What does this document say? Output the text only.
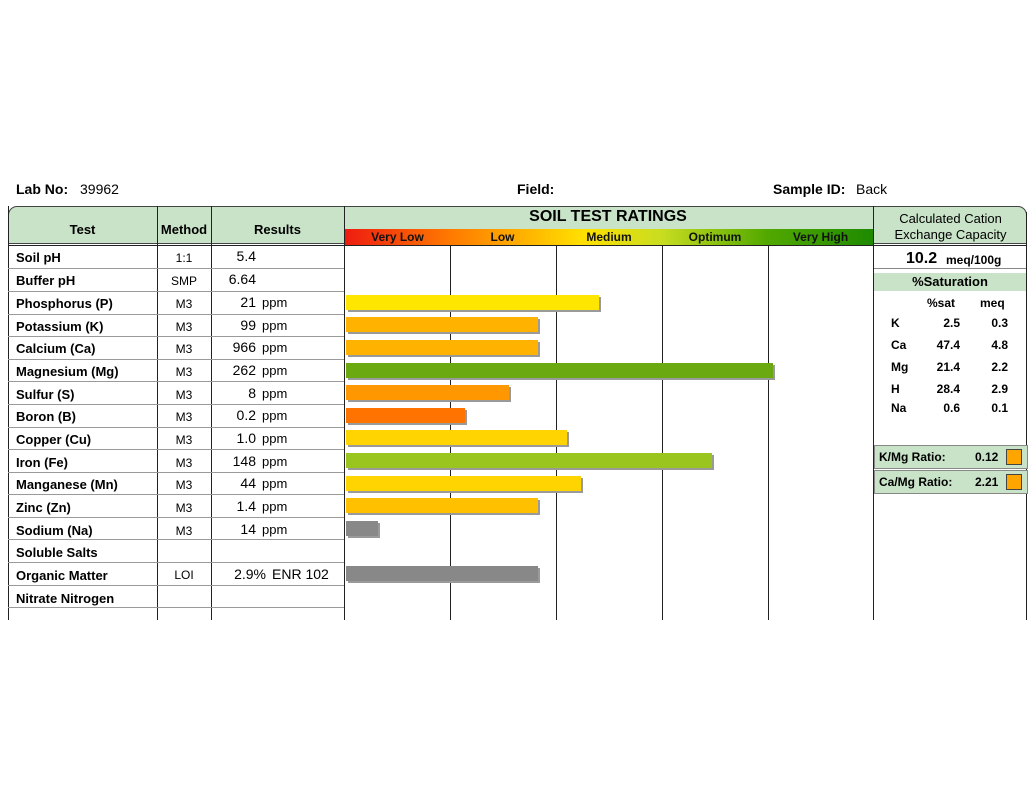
Lab No: 39962	Field:	Sample ID: Back
Test	Method	Results
SOIL TEST RATINGS	Calculated Cation
Exchange Capacity
Very Low	Low	Medium	Optimum	Very High
Soil pH	1:1	5.4
Buffer pH	SMP	6.64
Phosphorus (P)	M3	21 ppm
Potassium (K)	M3	99 ppm
Calcium (Ca)	M3	966 ppm
Magnesium (Mg)	M3	262 ppm
Sulfur (S)	M3	8 ppm
Boron (B)	M3	0.2 ppm
Copper (Cu)	M3	1.0 ppm
Iron (Fe)	M3	148 ppm
Manganese (Mn)	M3	44 ppm
Zinc (Zn)	M3	1.4 ppm
Sodium (Na)	M3	14 ppm
Soluble Salts
Organic Matter	LOI	2.9% ENR 102
Nitrate Nitrogen
10.2 meq/100g
%Saturation
%sat meq
K	2.5	0.3
Ca	47.4	4.8
Mg	21.4	2.2
H	28.4	2.9
Na	0.6	0.1
K/Mg Ratio: 0.12
Ca/Mg Ratio: 2.21
